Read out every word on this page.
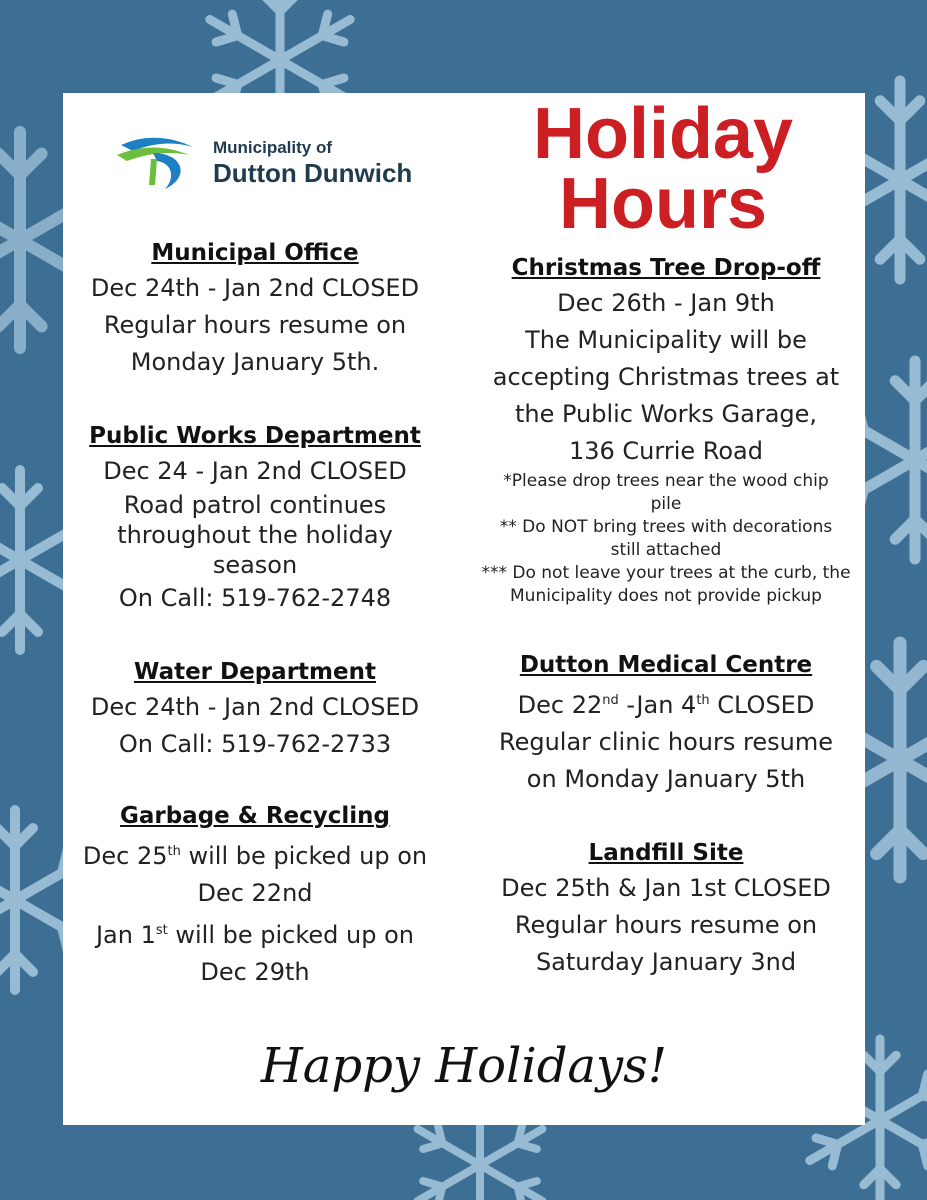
Municipality of
Dutton Dunwich	Holiday
Hours
Municipal Office
Dec 24th - Jan 2nd CLOSED
Regular hours resume on
Monday January 5th.
Public Works Department
Dec 24 - Jan 2nd CLOSED
Road patrol continues
throughout the holiday
season
On Call: 519-762-2748
Water Department
Dec 24th - Jan 2nd CLOSED
On Call: 519-762-2733
Garbage & Recycling
Dec 25th will be picked up on
Dec 22nd
Jan 1st will be picked up on
Dec 29th
Christmas Tree Drop-off
Dec 26th - Jan 9th
The Municipality will be
accepting Christmas trees at
the Public Works Garage,
136 Currie Road
*Please drop trees near the wood chip pile
** Do NOT bring trees with decorations still attached
*** Do not leave your trees at the curb, the Municipality does not provide pickup
Dutton Medical Centre
Dec 22nd -Jan 4th CLOSED
Regular clinic hours resume
on Monday January 5th
Landfill Site
Dec 25th & Jan 1st CLOSED
Regular hours resume on
Saturday January 3nd
Happy Holidays!
